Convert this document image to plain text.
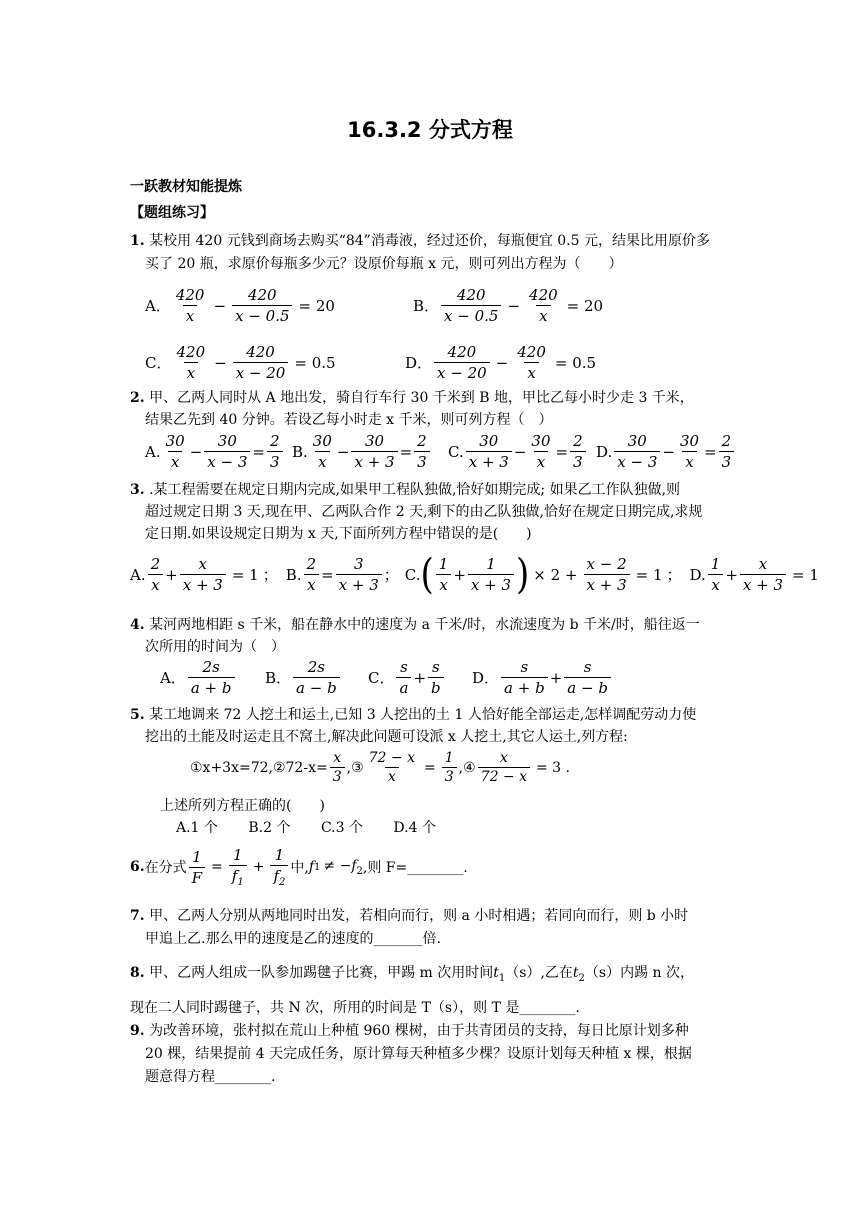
16.3.2 分式方程
一跃教材知能提炼
【题组练习】
1. 某校用 420 元钱到商场去购买“84”消毒液，经过还价，每瓶便宜 0.5 元，结果比用原价多
买了 20 瓶，求原价每瓶多少元？设原价每瓶 x 元，则可列出方程为（　　）
A． $\frac{420}{x} - \frac{420}{x - 0.5} = 20$	B． $\frac{420}{x - 0.5} - \frac{420}{x} = 20$
C． $\frac{420}{x} - \frac{420}{x - 20} = 0.5$	D． $\frac{420}{x - 20} - \frac{420}{x} = 0.5$
2. 甲、乙两人同时从 A 地出发，骑自行车行 30 千米到 B 地，甲比乙每小时少走 3 千米，
结果乙先到 40 分钟。若设乙每小时走 x 千米，则可列方程（　）
A. $\frac{30}{x} - \frac{30}{x - 3} = \frac{2}{3} B$. $\frac{30}{x} - \frac{30}{x + 3} = \frac{2}{3} C$. $\frac{30}{x + 3} - \frac{30}{x} = \frac{2}{3} D$. $\frac{30}{x - 3} - \frac{30}{x} = \frac{2}{3}$
3. .某工程需要在规定日期内完成,如果甲工程队独做,恰好如期完成; 如果乙工作队独做,则
超过规定日期 3 天,现在甲、乙两队合作 2 天,剩下的由乙队独做,恰好在规定日期完成,求规
定日期.如果设规定日期为 x 天,下面所列方程中错误的是(　　)
A. $\frac{2}{x} + \frac{x}{x + 3} = 1$ ； B. $\frac{2}{x} = \frac{3}{x + 3}$ ； C. ( $\frac{1}{x} + \frac{1}{x + 3}$ ) × $2 + \frac{x - 2}{x + 3} = 1$ ； D. $\frac{1}{x} + \frac{x}{x + 3} = 1$
4. 某河两地相距 s 千米，船在静水中的速度为 a 千米/时，水流速度为 b 千米/时，船往返一
次所用的时间为（　）
A． $\frac{2s}{a + b}$ B． $\frac{2s}{a - b}$ C． $\frac{s}{a} + \frac{s}{b}$ D． $\frac{s}{a + b} + \frac{s}{a - b}$
5. 某工地调来 72 人挖土和运土,已知 3 人挖出的土 1 人恰好能全部运走,怎样调配劳动力使
挖出的土能及时运走且不窝土,解决此问题可设派 x 人挖土,其它人运土,列方程:
①x+3x=72,②72-x= $\frac{x}{3}$ ,③ $\frac{72 - x}{x} = \frac{1}{3}$ ,④ $\frac{x}{72 - x} = 3$ .
上述所列方程正确的(　　)
A.1 个 B.2 个 C.3 个 D.4 个
6. 在分式 $\frac{1}{F} = \frac{1}{f_1} + \frac{1}{f_2}$ 中, f $1 \ne -f_2$ ,则 F=________.
7. 甲、乙两人分别从两地同时出发，若相向而行，则 a 小时相遇；若同向而行，则 b 小时
甲追上乙.那么甲的速度是乙的速度的_______倍.
8. 甲、乙两人组成一队参加踢毽子比赛，甲踢 m 次用时间$t_1(s)$,乙在$t_2(s)$内踢 n 次，
现在二人同时踢毽子，共 N 次，所用的时间是 T（s），则 T 是________.
9. 为改善环境，张村拟在荒山上种植 960 棵树，由于共青团员的支持，每日比原计划多种
20 棵，结果提前 4 天完成任务，原计算每天种植多少棵？设原计划每天种植 x 棵，根据
题意得方程________.
